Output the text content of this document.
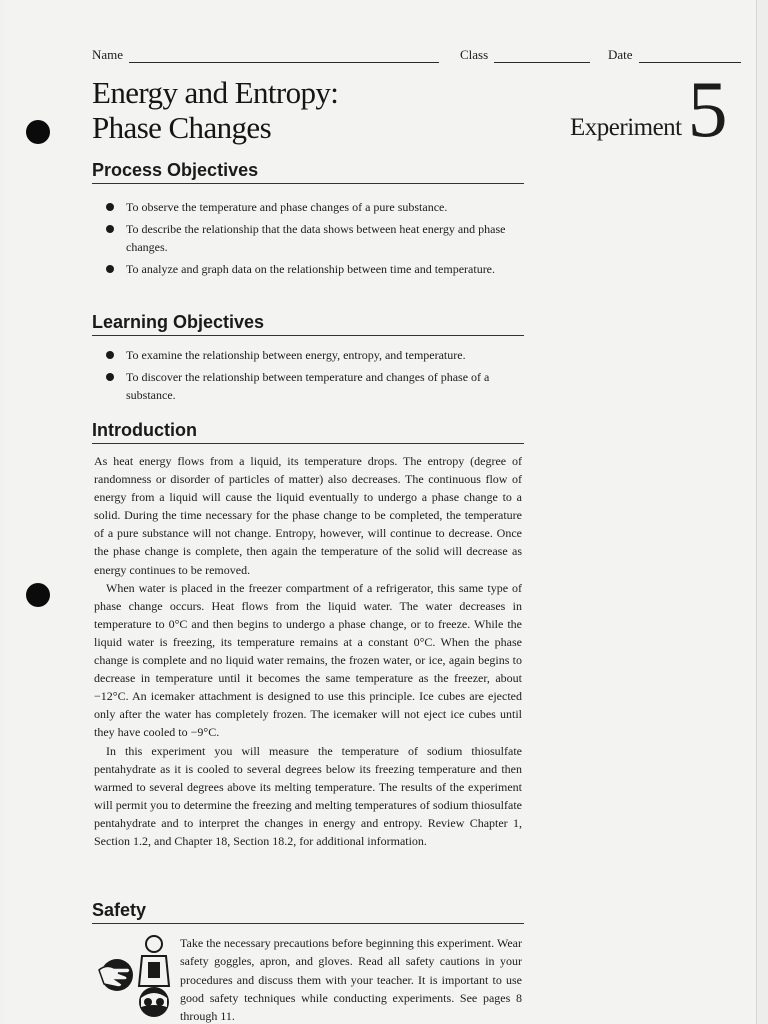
Name	Class	Date
Energy and Entropy:
Phase Changes	Experiment 5
Process Objectives
To observe the temperature and phase changes of a pure substance.
To describe the relationship that the data shows between heat energy and phase changes.
To analyze and graph data on the relationship between time and temperature.
Learning Objectives
To examine the relationship between energy, entropy, and temperature.
To discover the relationship between temperature and changes of phase of a substance.
Introduction

As heat energy flows from a liquid, its temperature drops. The entropy (degree of randomness or disorder of particles of matter) also decreases. The continuous flow of energy from a liquid will cause the liquid eventually to undergo a phase change to a solid. During the time necessary for the phase change to be completed, the temperature of a pure substance will not change. Entropy, however, will continue to decrease. Once the phase change is complete, then again the temperature of the solid will decrease as energy continues to be removed.

When water is placed in the freezer compartment of a refrigerator, this same type of phase change occurs. Heat flows from the liquid water. The water decreases in temperature to 0°C and then begins to undergo a phase change, or to freeze. While the liquid water is freezing, its temperature remains at a constant 0°C. When the phase change is complete and no liquid water remains, the frozen water, or ice, again begins to decrease in temperature until it becomes the same temperature as the freezer, about −12°C. An icemaker attachment is designed to use this principle. Ice cubes are ejected only after the water has completely frozen. The icemaker will not eject ice cubes until they have cooled to −9°C.

In this experiment you will measure the temperature of sodium thiosulfate pentahydrate as it is cooled to several degrees below its freezing temperature and then warmed to several degrees above its melting temperature. The results of the experiment will permit you to determine the freezing and melting temperatures of sodium thiosulfate pentahydrate and to interpret the changes in energy and entropy. Review Chapter 1, Section 1.2, and Chapter 18, Section 18.2, for additional information.

Safety
Take the necessary precautions before beginning this experiment. Wear safety goggles, apron, and gloves. Read all safety cautions in your procedures and discuss them with your teacher. It is important to use good safety techniques while conducting experiments. See pages 8 through 11.
